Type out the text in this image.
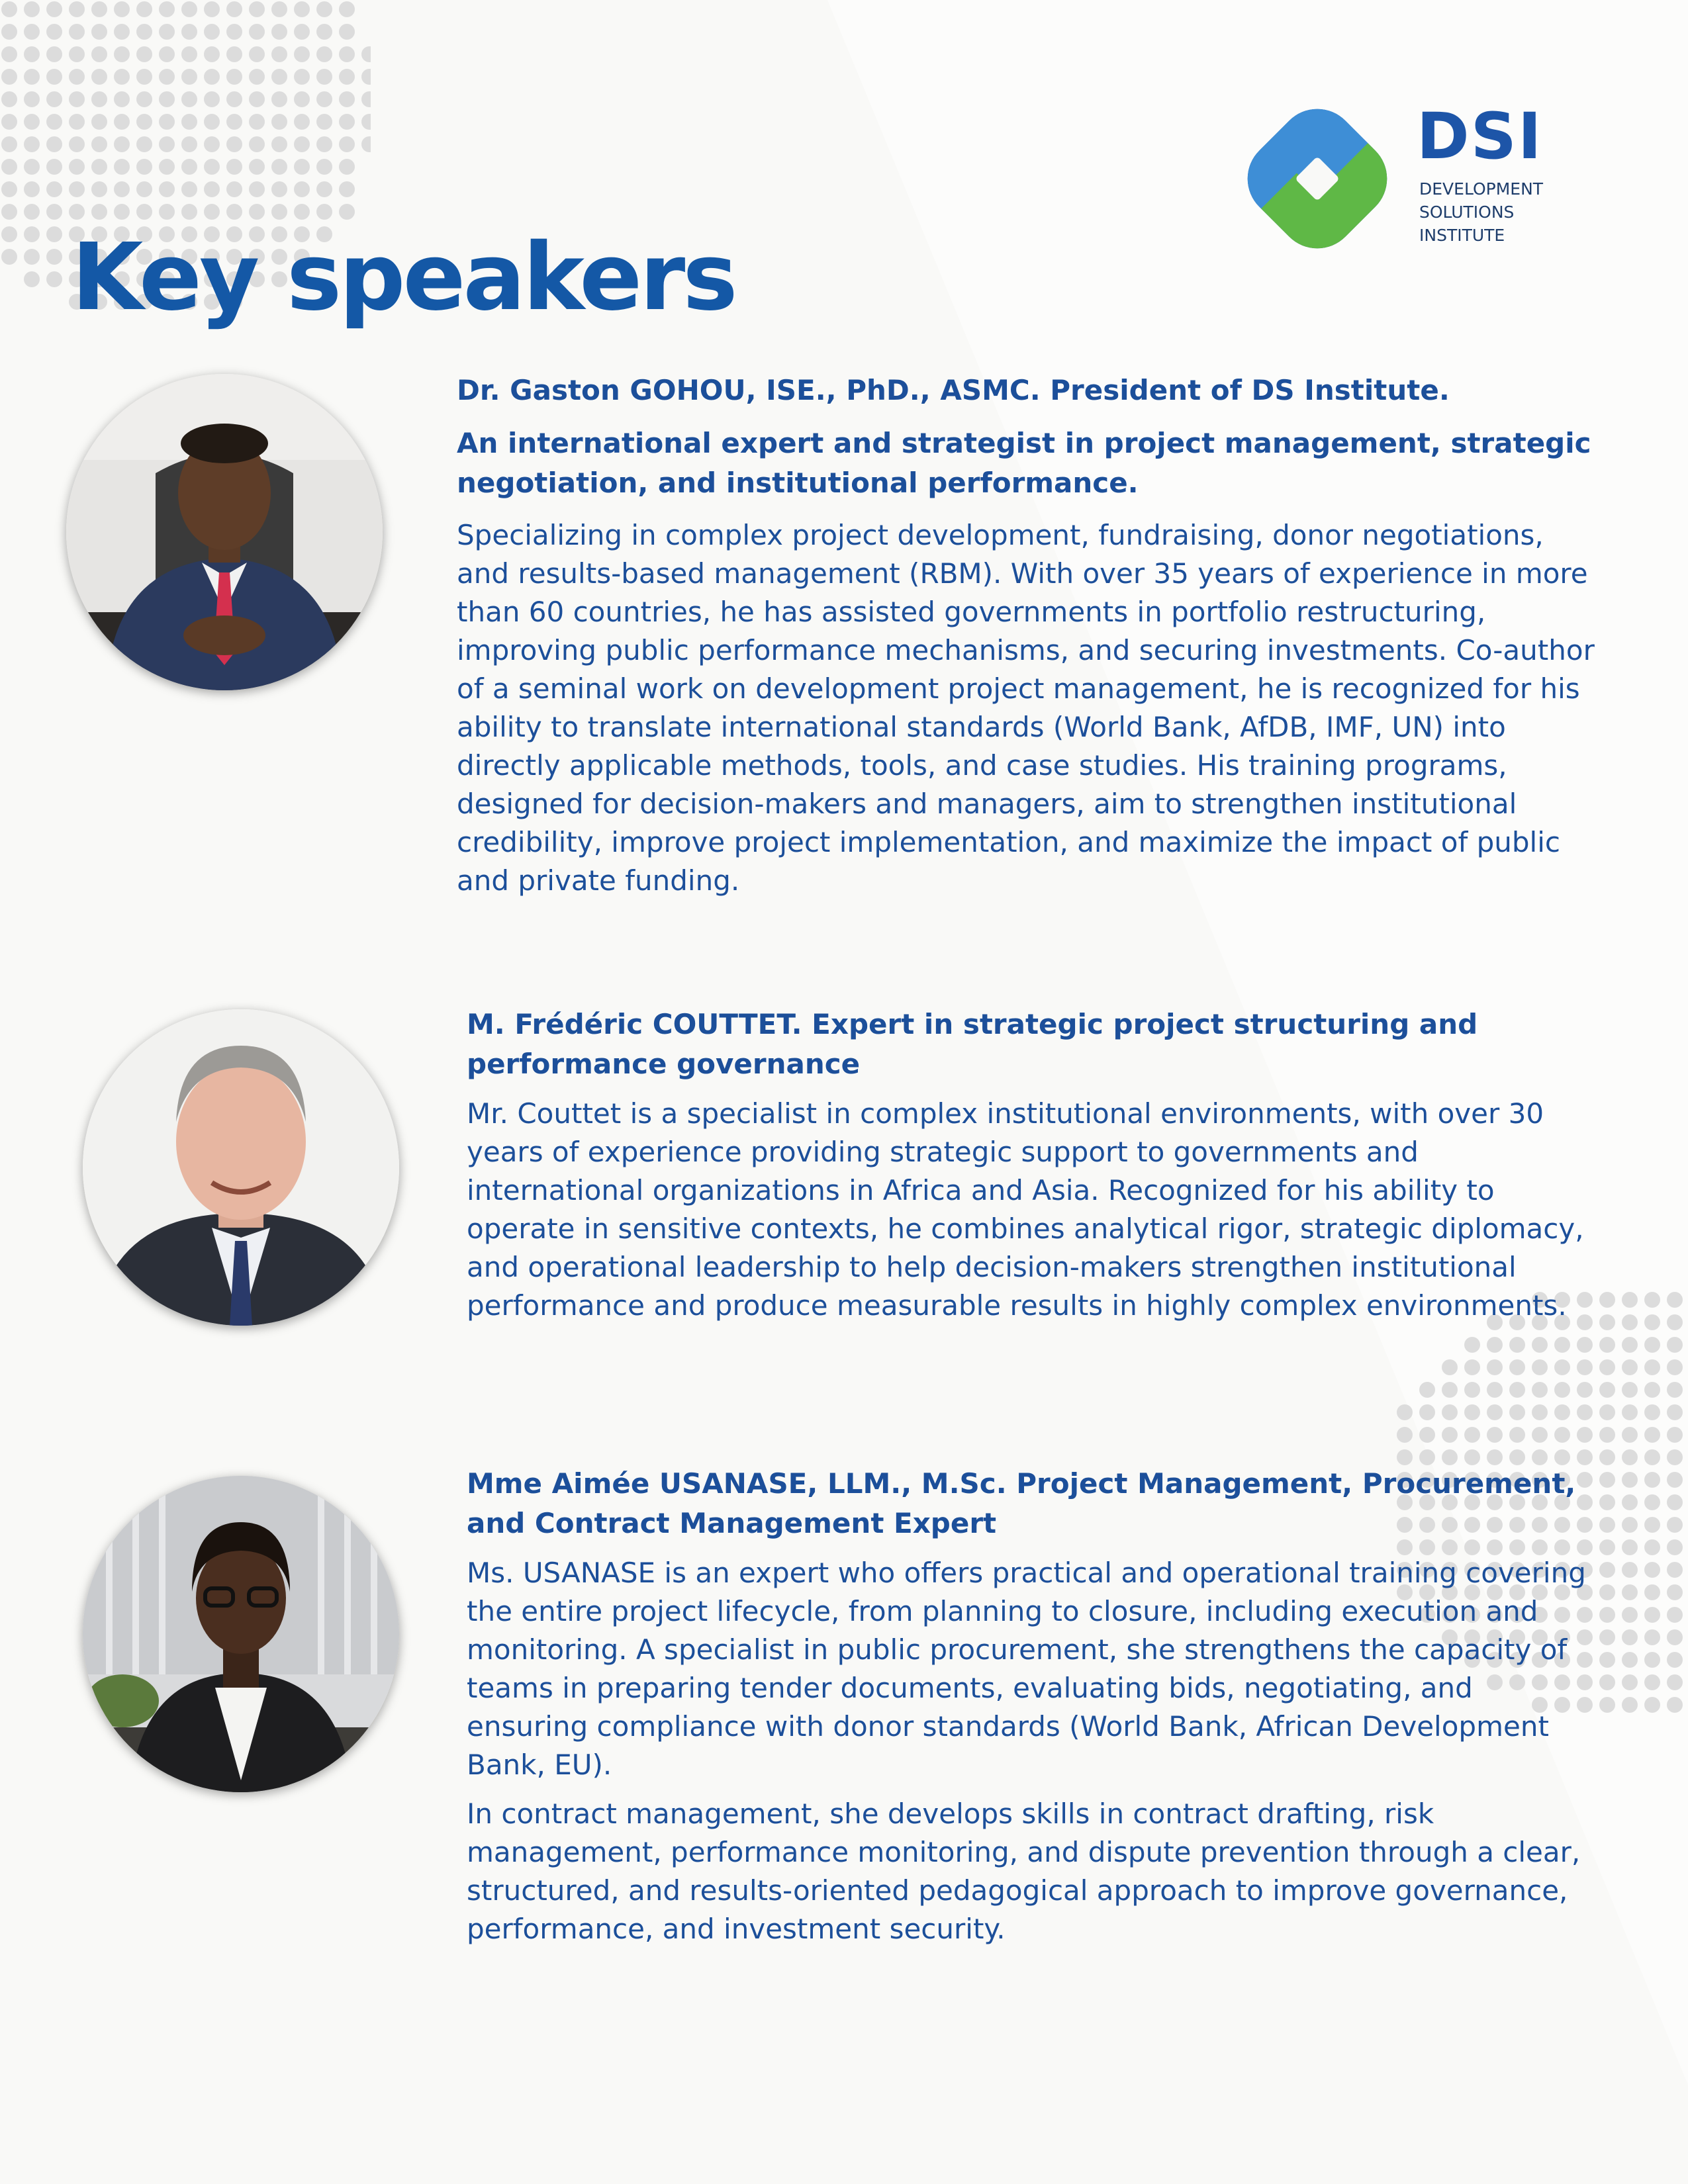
DSI
DEVELOPMENT
SOLUTIONS
INSTITUTE
Key speakers

Dr. Gaston GOHOU, ISE., PhD., ASMC. President of DS Institute.

An international expert and strategist in project management, strategic negotiation, and institutional performance.

Specializing in complex project development, fundraising, donor negotiations, and results-based management (RBM). With over 35 years of experience in more than 60 countries, he has assisted governments in portfolio restructuring, improving public performance mechanisms, and securing investments. Co-author of a seminal work on development project management, he is recognized for his ability to translate international standards (World Bank, AfDB, IMF, UN) into directly applicable methods, tools, and case studies. His training programs, designed for decision-makers and managers, aim to strengthen institutional credibility, improve project implementation, and maximize the impact of public and private funding.

M. Frédéric COUTTET. Expert in strategic project structuring and performance governance

Mr. Couttet is a specialist in complex institutional environments, with over 30 years of experience providing strategic support to governments and international organizations in Africa and Asia. Recognized for his ability to operate in sensitive contexts, he combines analytical rigor, strategic diplomacy, and operational leadership to help decision-makers strengthen institutional performance and produce measurable results in highly complex environments.

Mme Aimée USANASE, LLM., M.Sc. Project Management, Procurement, and Contract Management Expert

Ms. USANASE is an expert who offers practical and operational training covering the entire project lifecycle, from planning to closure, including execution and monitoring. A specialist in public procurement, she strengthens the capacity of teams in preparing tender documents, evaluating bids, negotiating, and ensuring compliance with donor standards (World Bank, African Development Bank, EU).

In contract management, she develops skills in contract drafting, risk management, performance monitoring, and dispute prevention through a clear, structured, and results-oriented pedagogical approach to improve governance, performance, and investment security.
